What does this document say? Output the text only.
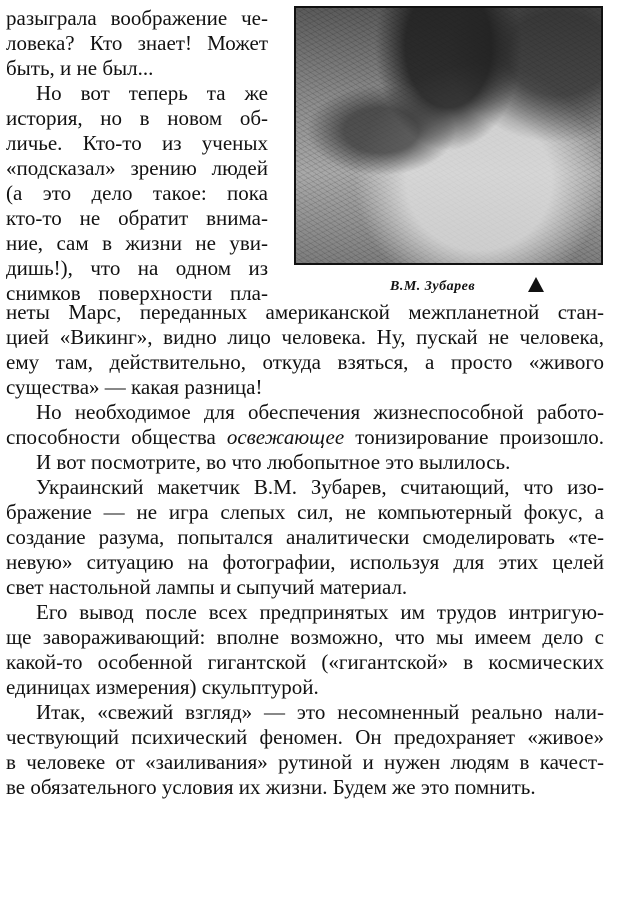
В.М. Зубарев
разыграла воображение че-
ловека? Кто знает! Может
быть, и не был...
Но вот теперь та же
история, но в новом об-
личье. Кто-то из ученых
«подсказал» зрению людей
(а это дело такое: пока
кто-то не обратит внима-
ние, сам в жизни не уви-
дишь!), что на одном из
снимков поверхности пла-
неты Марс, переданных американской межпланетной стан-
цией «Викинг», видно лицо человека. Ну, пускай не человека,
ему там, действительно, откуда взяться, а просто «живого
существа» — какая разница!
Но необходимое для обеспечения жизнеспособной работо-
способности общества освежающее тонизирование произошло.
И вот посмотрите, во что любопытное это вылилось.
Украинский макетчик В.М. Зубарев, считающий, что изо-
бражение — не игра слепых сил, не компьютерный фокус, а
создание разума, попытался аналитически смоделировать «те-
невую» ситуацию на фотографии, используя для этих целей
свет настольной лампы и сыпучий материал.
Его вывод после всех предпринятых им трудов интригую-
ще завораживающий: вполне возможно, что мы имеем дело с
какой-то особенной гигантской («гигантской» в космических
единицах измерения) скульптурой.
Итак, «свежий взгляд» — это несомненный реально нали-
чествующий психический феномен. Он предохраняет «живое»
в человеке от «заиливания» рутиной и нужен людям в качест-
ве обязательного условия их жизни. Будем же это помнить.
